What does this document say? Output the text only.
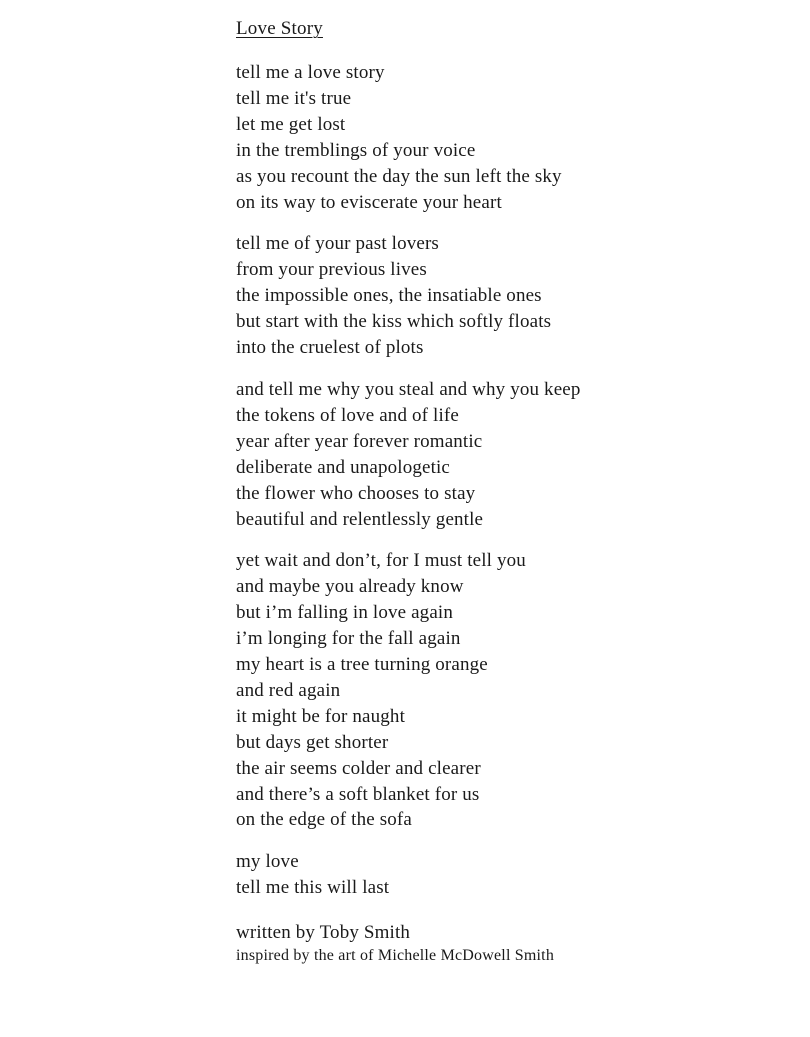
Love Story
tell me a love story
tell me it's true
let me get lost
in the tremblings of your voice
as you recount the day the sun left the sky
on its way to eviscerate your heart
tell me of your past lovers
from your previous lives
the impossible ones, the insatiable ones
but start with the kiss which softly floats
into the cruelest of plots
and tell me why you steal and why you keep
the tokens of love and of life
year after year forever romantic
deliberate and unapologetic
the flower who chooses to stay
beautiful and relentlessly gentle
yet wait and don’t, for I must tell you
and maybe you already know
but i’m falling in love again
i’m longing for the fall again
my heart is a tree turning orange
and red again
it might be for naught
but days get shorter
the air seems colder and clearer
and there’s a soft blanket for us
on the edge of the sofa
my love
tell me this will last
written by Toby Smith
inspired by the art of Michelle McDowell Smith
